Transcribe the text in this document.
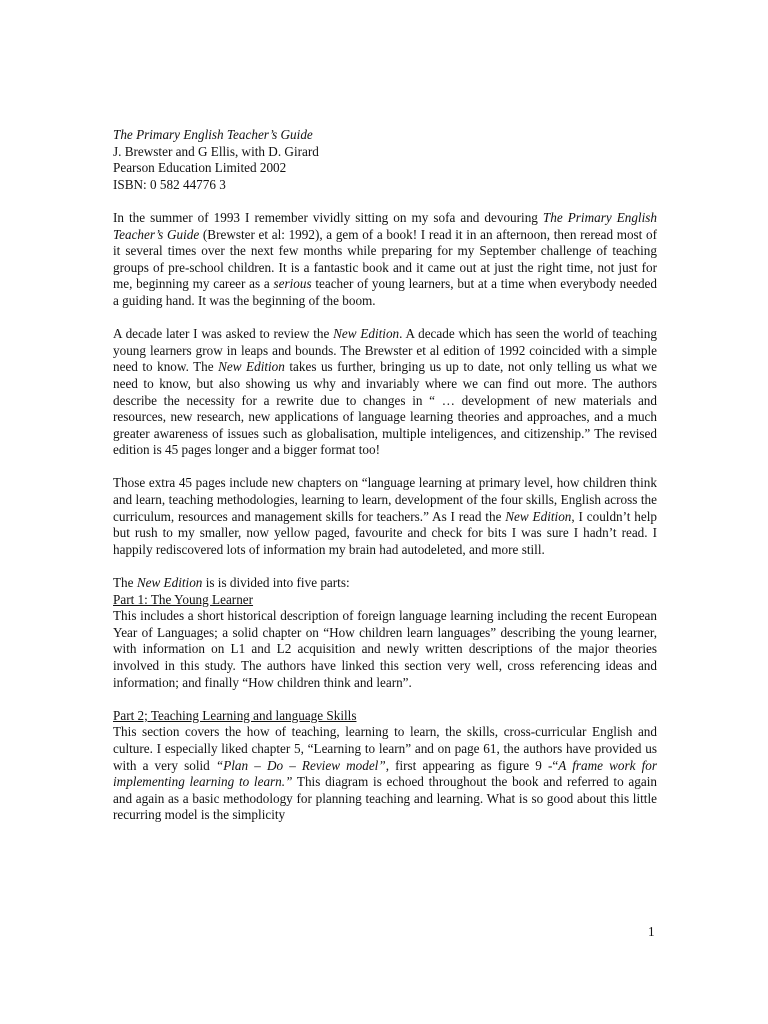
The Primary English Teacher’s Guide
J. Brewster and G Ellis, with D. Girard
Pearson Education Limited 2002
ISBN: 0 582 44776 3

In the summer of 1993 I remember vividly sitting on my sofa and devouring The Primary English Teacher’s Guide (Brewster et al: 1992), a gem of a book! I read it in an afternoon, then reread most of it several times over the next few months while preparing for my September challenge of teaching groups of pre-school children. It is a fantastic book and it came out at just the right time, not just for me, beginning my career as a serious teacher of young learners, but at a time when everybody needed a guiding hand. It was the beginning of the boom.

A decade later I was asked to review the New Edition. A decade which has seen the world of teaching young learners grow in leaps and bounds. The Brewster et al edition of 1992 coincided with a simple need to know. The New Edition takes us further, bringing us up to date, not only telling us what we need to know, but also showing us why and invariably where we can find out more. The authors describe the necessity for a rewrite due to changes in “ … development of new materials and resources, new research, new applications of language learning theories and approaches, and a much greater awareness of issues such as globalisation, multiple inteligences, and citizenship.” The revised edition is 45 pages longer and a bigger format too!

Those extra 45 pages include new chapters on “language learning at primary level, how children think and learn, teaching methodologies, learning to learn, development of the four skills, English across the curriculum, resources and management skills for teachers.” As I read the New Edition, I couldn’t help but rush to my smaller, now yellow paged, favourite and check for bits I was sure I hadn’t read. I happily rediscovered lots of information my brain had autodeleted, and more still.

The New Edition is is divided into five parts:
Part 1: The Young Learner

This includes a short historical description of foreign language learning including the recent European Year of Languages; a solid chapter on “How children learn languages” describing the young learner, with information on L1 and L2 acquisition and newly written descriptions of the major theories involved in this study. The authors have linked this section very well, cross referencing ideas and information; and finally “How children think and learn”.

Part 2; Teaching Learning and language Skills

This section covers the how of teaching, learning to learn, the skills, cross-curricular English and culture. I especially liked chapter 5, “Learning to learn” and on page 61, the authors have provided us with a very solid “Plan – Do – Review model”, first appearing as figure 9 -“A frame work for implementing learning to learn.” This diagram is echoed throughout the book and referred to again and again as a basic methodology for planning teaching and learning. What is so good about this little recurring model is the simplicity

1
